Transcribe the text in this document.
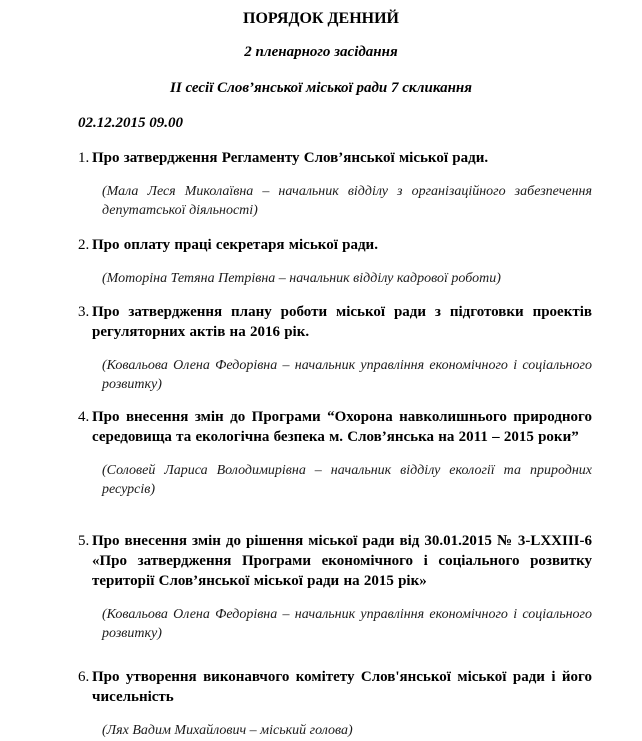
ПОРЯДОК ДЕННИЙ

2 пленарного засідання

ІІ сесії Слов’янської міської ради 7 скликання

02.12.2015 09.00

1. Про затвердження Регламенту Слов’янської міської ради.
(Мала Леся Миколаївна – начальник відділу з організаційного забезпечення депутатської діяльності)
2. Про оплату праці секретаря міської ради.
(Моторіна Тетяна Петрівна – начальник відділу кадрової роботи)
3. Про затвердження плану роботи міської ради з підготовки проектів регуляторних актів на 2016 рік.
(Ковальова Олена Федорівна – начальник управління економічного і соціального розвитку)
4. Про внесення змін до Програми “Охорона навколишнього природного середовища та екологічна безпека м. Слов’янська на 2011 – 2015 роки”
(Соловей Лариса Володимирівна – начальник відділу екології та природних ресурсів)
5. Про внесення змін до рішення міської ради від 30.01.2015 № 3-LXXIII-6 «Про затвердження Програми економічного і соціального розвитку території Слов’янської міської ради на 2015 рік»
(Ковальова Олена Федорівна – начальник управління економічного і соціального розвитку)
6. Про утворення виконавчого комітету Слов'янської міської ради і його чисельність
(Лях Вадим Михайлович – міський голова)
